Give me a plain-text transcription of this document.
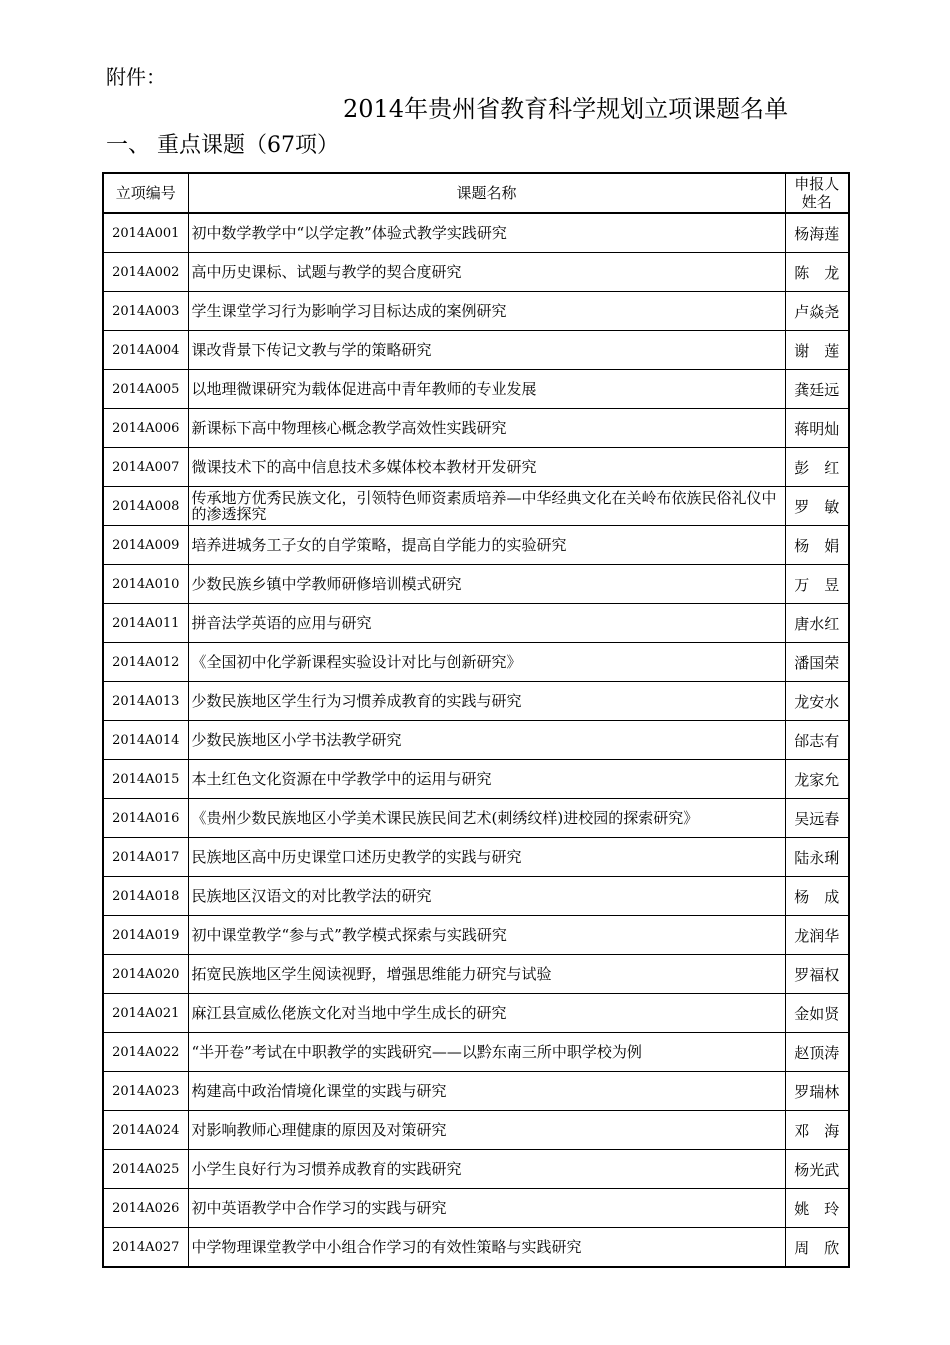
附件：
2014年贵州省教育科学规划立项课题名单
一、 重点课题（67项）
立项编号	课题名称	申报人
姓名
2014A001	初中数学教学中“以学定教”体验式教学实践研究	杨海莲
2014A002	高中历史课标、试题与教学的契合度研究	陈　龙
2014A003	学生课堂学习行为影响学习目标达成的案例研究	卢焱尧
2014A004	课改背景下传记文教与学的策略研究	谢　莲
2014A005	以地理微课研究为载体促进高中青年教师的专业发展	龚廷远
2014A006	新课标下高中物理核心概念教学高效性实践研究	蒋明灿
2014A007	微课技术下的高中信息技术多媒体校本教材开发研究	彭　红
2014A008	传承地方优秀民族文化，引领特色师资素质培养—中华经典文化在关岭布依族民俗礼仪中的渗透探究	罗　敏
2014A009	培养进城务工子女的自学策略，提高自学能力的实验研究	杨　娟
2014A010	少数民族乡镇中学教师研修培训模式研究	万　昱
2014A011	拼音法学英语的应用与研究	唐水红
2014A012	《全国初中化学新课程实验设计对比与创新研究》	潘国荣
2014A013	少数民族地区学生行为习惯养成教育的实践与研究	龙安水
2014A014	少数民族地区小学书法教学研究	邰志有
2014A015	本土红色文化资源在中学教学中的运用与研究	龙家允
2014A016	《贵州少数民族地区小学美术课民族民间艺术(刺绣纹样)进校园的探索研究》	吴远春
2014A017	民族地区高中历史课堂口述历史教学的实践与研究	陆永琍
2014A018	民族地区汉语文的对比教学法的研究	杨　成
2014A019	初中课堂教学“参与式”教学模式探索与实践研究	龙润华
2014A020	拓宽民族地区学生阅读视野，增强思维能力研究与试验	罗福权
2014A021	麻江县宣威仫佬族文化对当地中学生成长的研究	金如贤
2014A022	“半开卷”考试在中职教学的实践研究——以黔东南三所中职学校为例	赵顶涛
2014A023	构建高中政治情境化课堂的实践与研究	罗瑞林
2014A024	对影响教师心理健康的原因及对策研究	邓　海
2014A025	小学生良好行为习惯养成教育的实践研究	杨光武
2014A026	初中英语教学中合作学习的实践与研究	姚　玲
2014A027	中学物理课堂教学中小组合作学习的有效性策略与实践研究	周　欣
